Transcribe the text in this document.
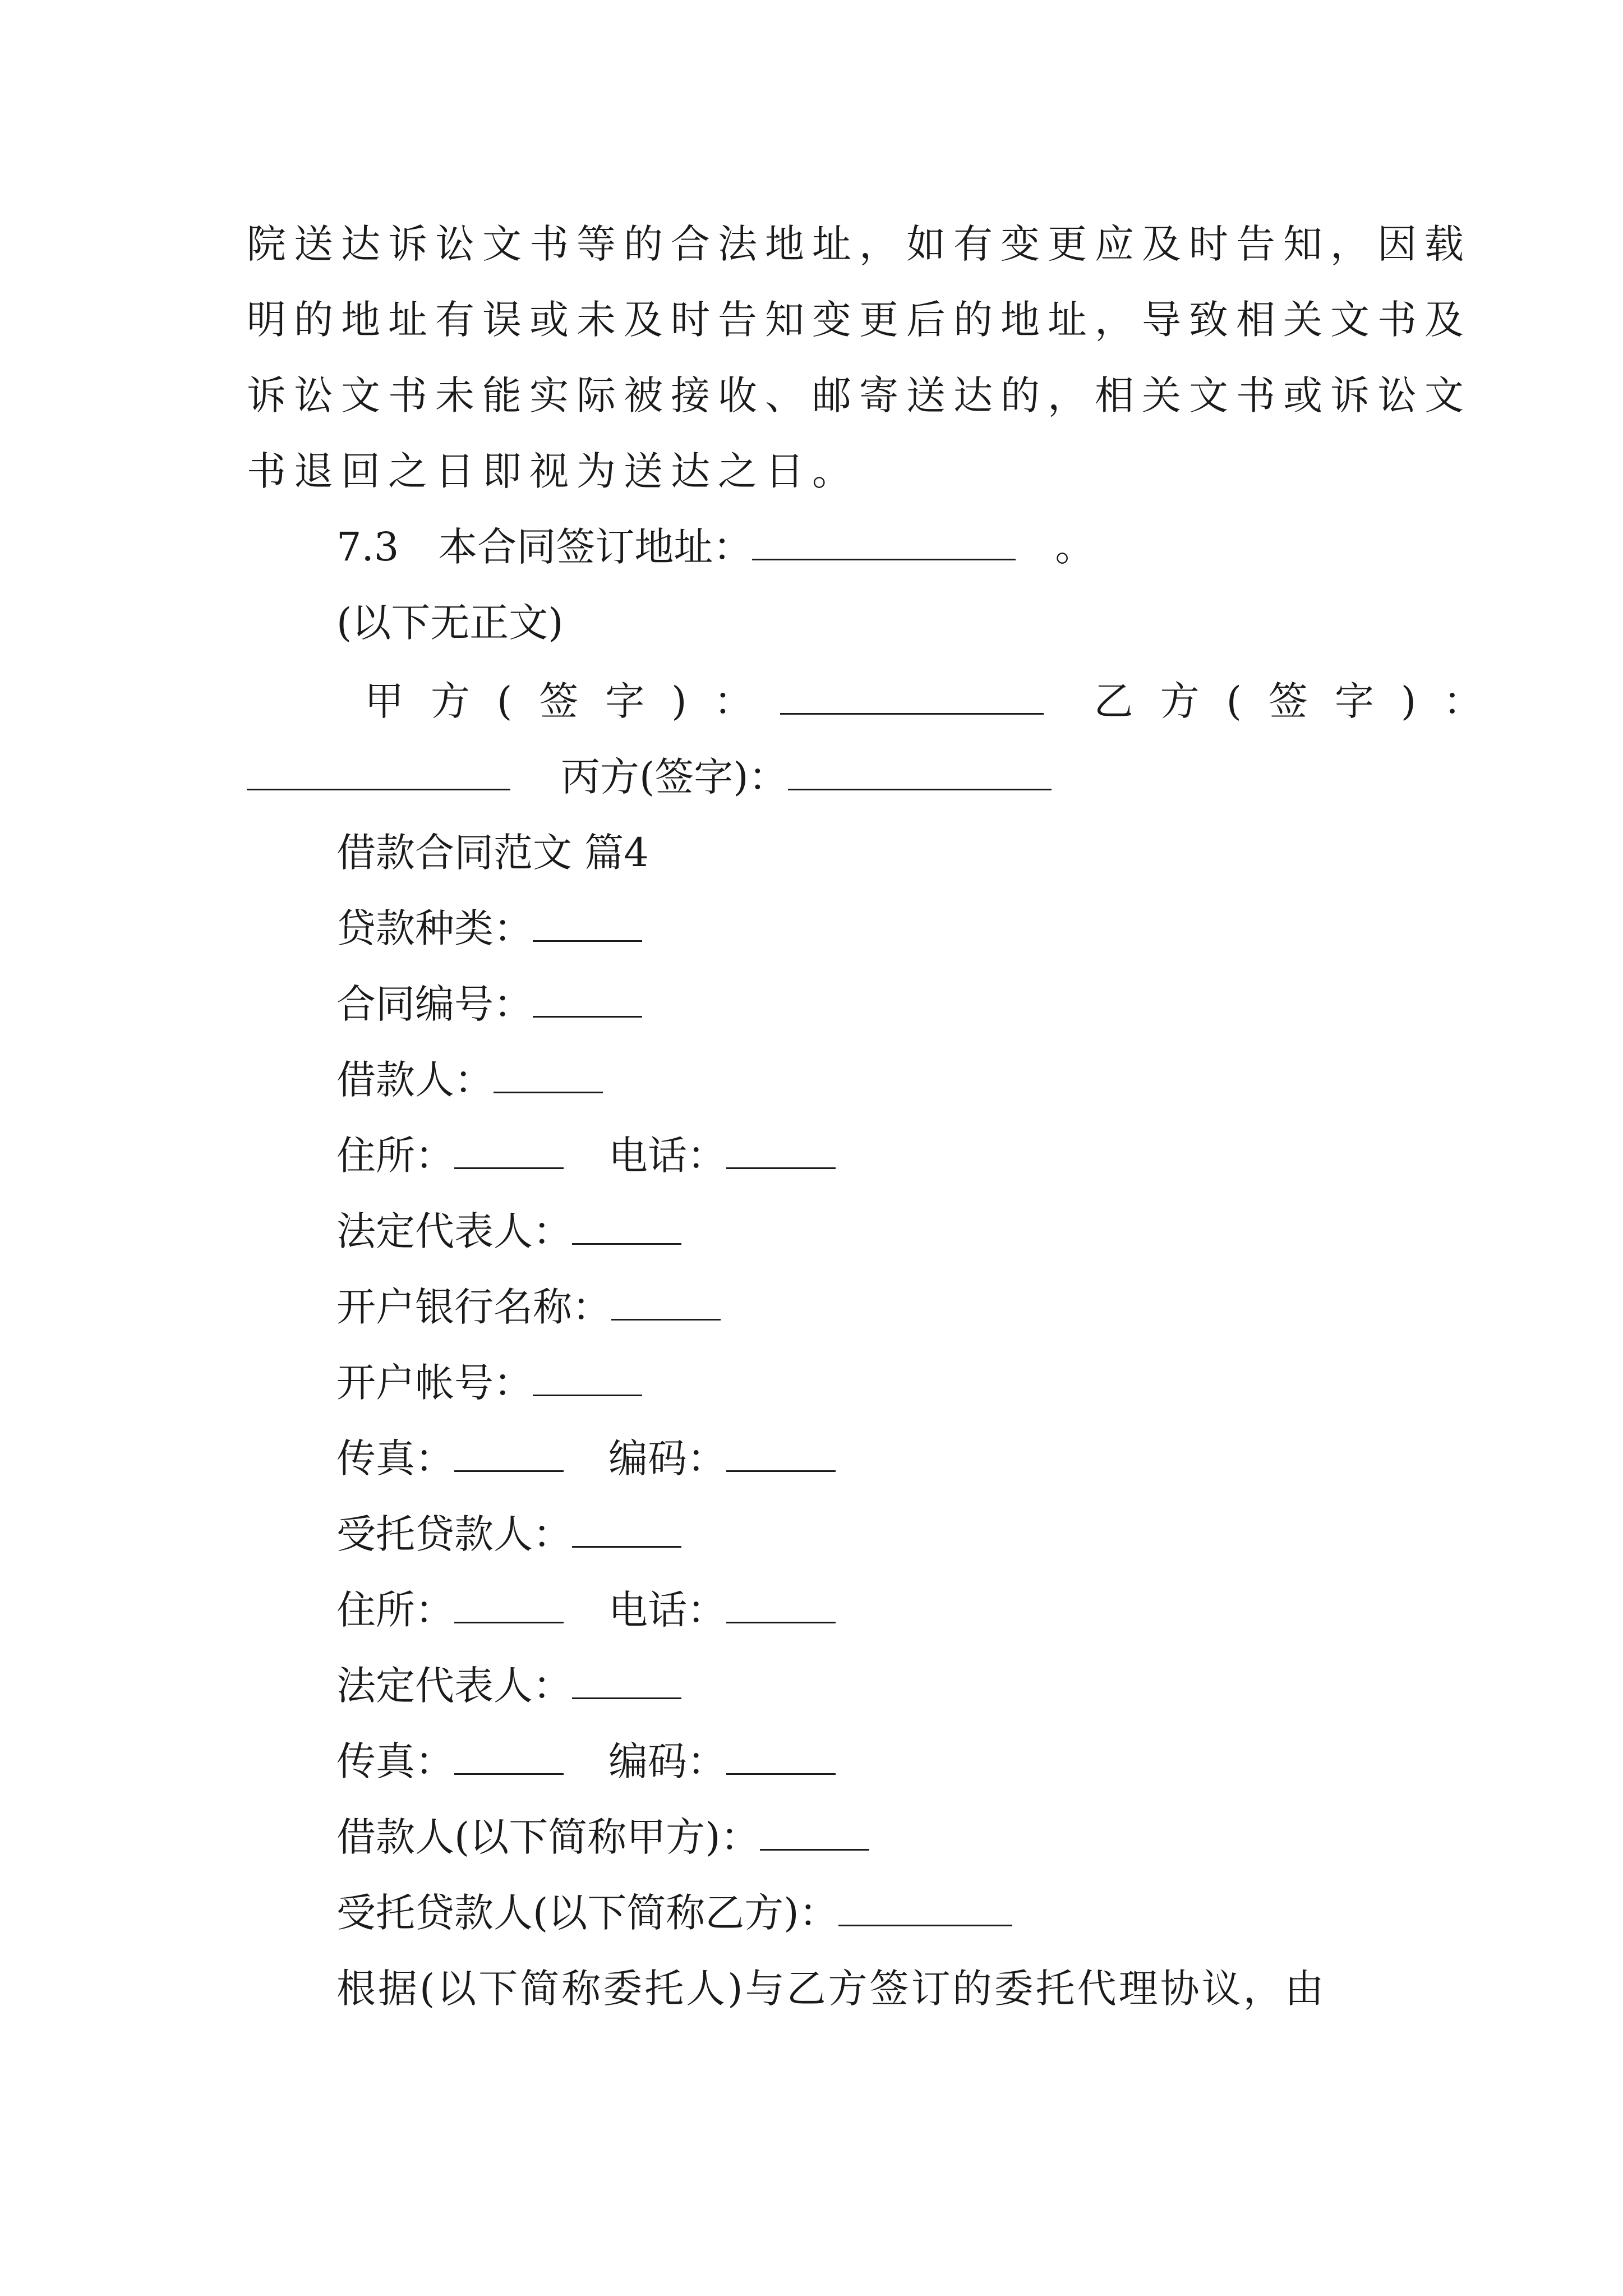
院送达诉讼文书等的合法地址，如有变更应及时告知，因载
明的地址有误或未及时告知变更后的地址，导致相关文书及
诉讼文书未能实际被接收、邮寄送达的，相关文书或诉讼文
书退回之日即视为送达之日。
7.3　本合同签订地址：	。
(以下无正文)
甲方(签字)：	乙方(签字)：
丙方(签字)：
借款合同范文 篇4
贷款种类：
合同编号：
借款人：
住所：	电话：
法定代表人：
开户银行名称：
开户帐号：
传真：	编码：
受托贷款人：
住所：	电话：
法定代表人：
传真：	编码：
借款人(以下简称甲方)：
受托贷款人(以下简称乙方)：
根据(以下简称委托人)与乙方签订的委托代理协议，由
